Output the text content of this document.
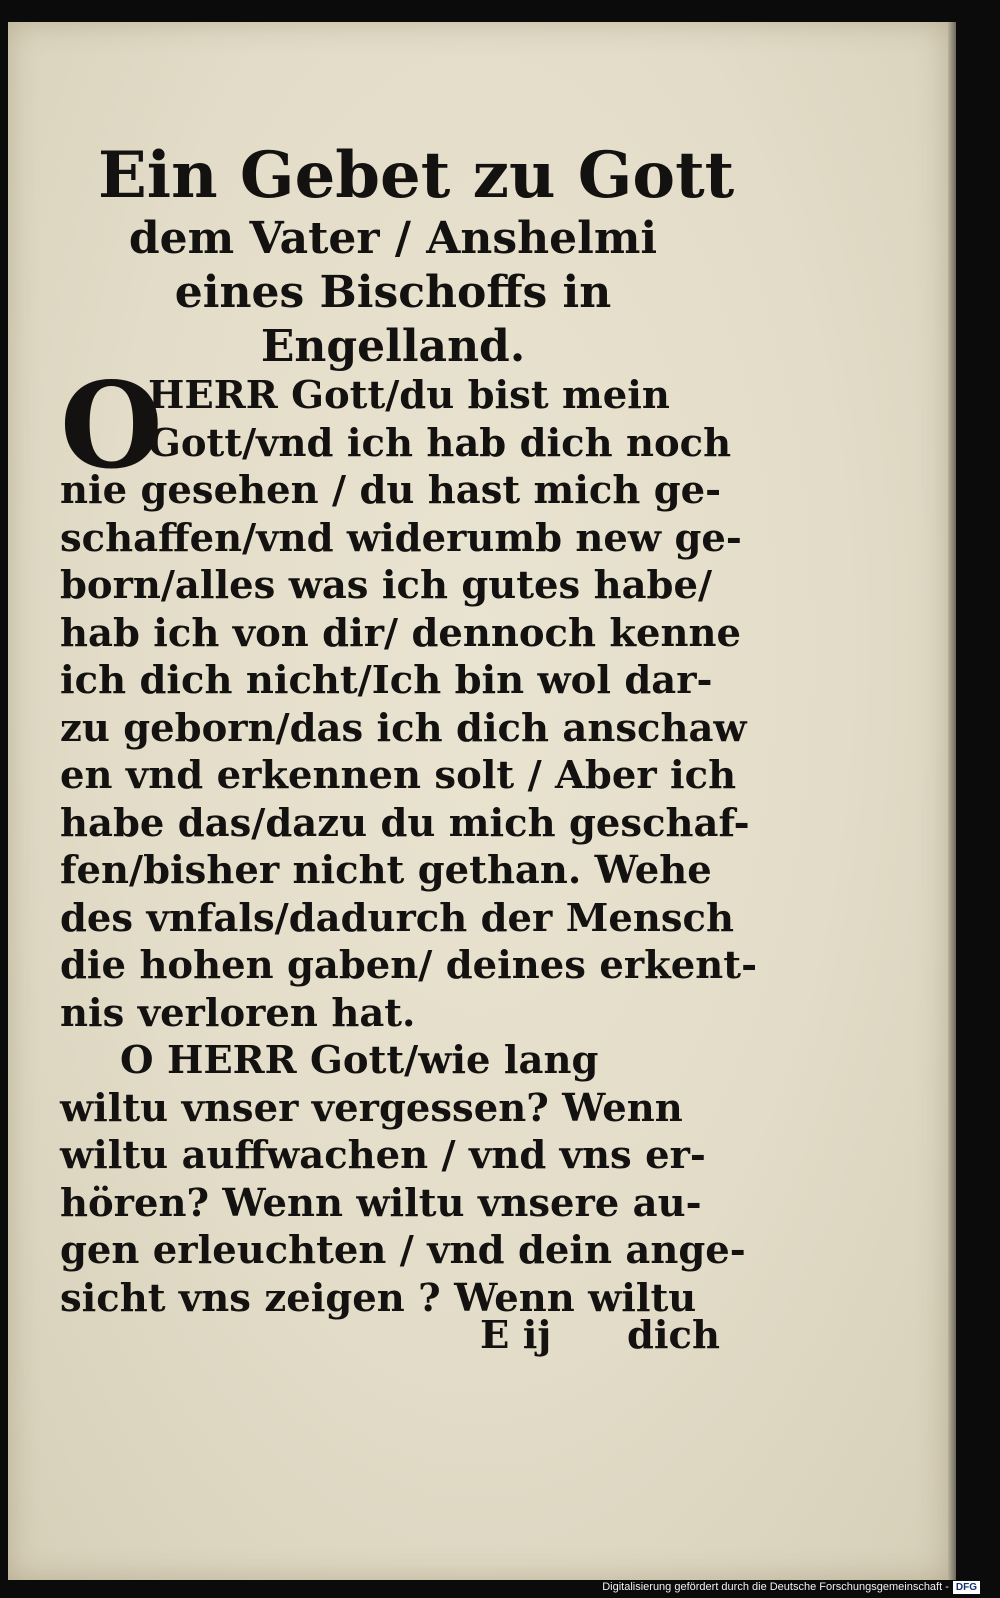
Ein Gebet zu Gott
dem Vater / Anshelmi
eines Bischoffs in
Engelland.
O
HERR Gott/du bist mein
Gott/vnd ich hab dich noch
nie gesehen / du hast mich ge-
schaffen/vnd widerumb new ge-
born/alles was ich gutes habe/
hab ich von dir/ dennoch kenne
ich dich nicht/Ich bin wol dar-
zu geborn/das ich dich anschaw
en vnd erkennen solt / Aber ich
habe das/dazu du mich geschaf-
fen/bisher nicht gethan. Wehe
des vnfals/dadurch der Mensch
die hohen gaben/ deines erkent-
nis verloren hat.
O HERR Gott/wie lang
wiltu vnser vergessen? Wenn
wiltu auffwachen / vnd vns er-
hören? Wenn wiltu vnsere au-
gen erleuchten / vnd dein ange-
sicht vns zeigen ? Wenn wiltu
E ij dich
Digitalisierung gefördert durch die Deutsche Forschungsgemeinschaft - DFG
